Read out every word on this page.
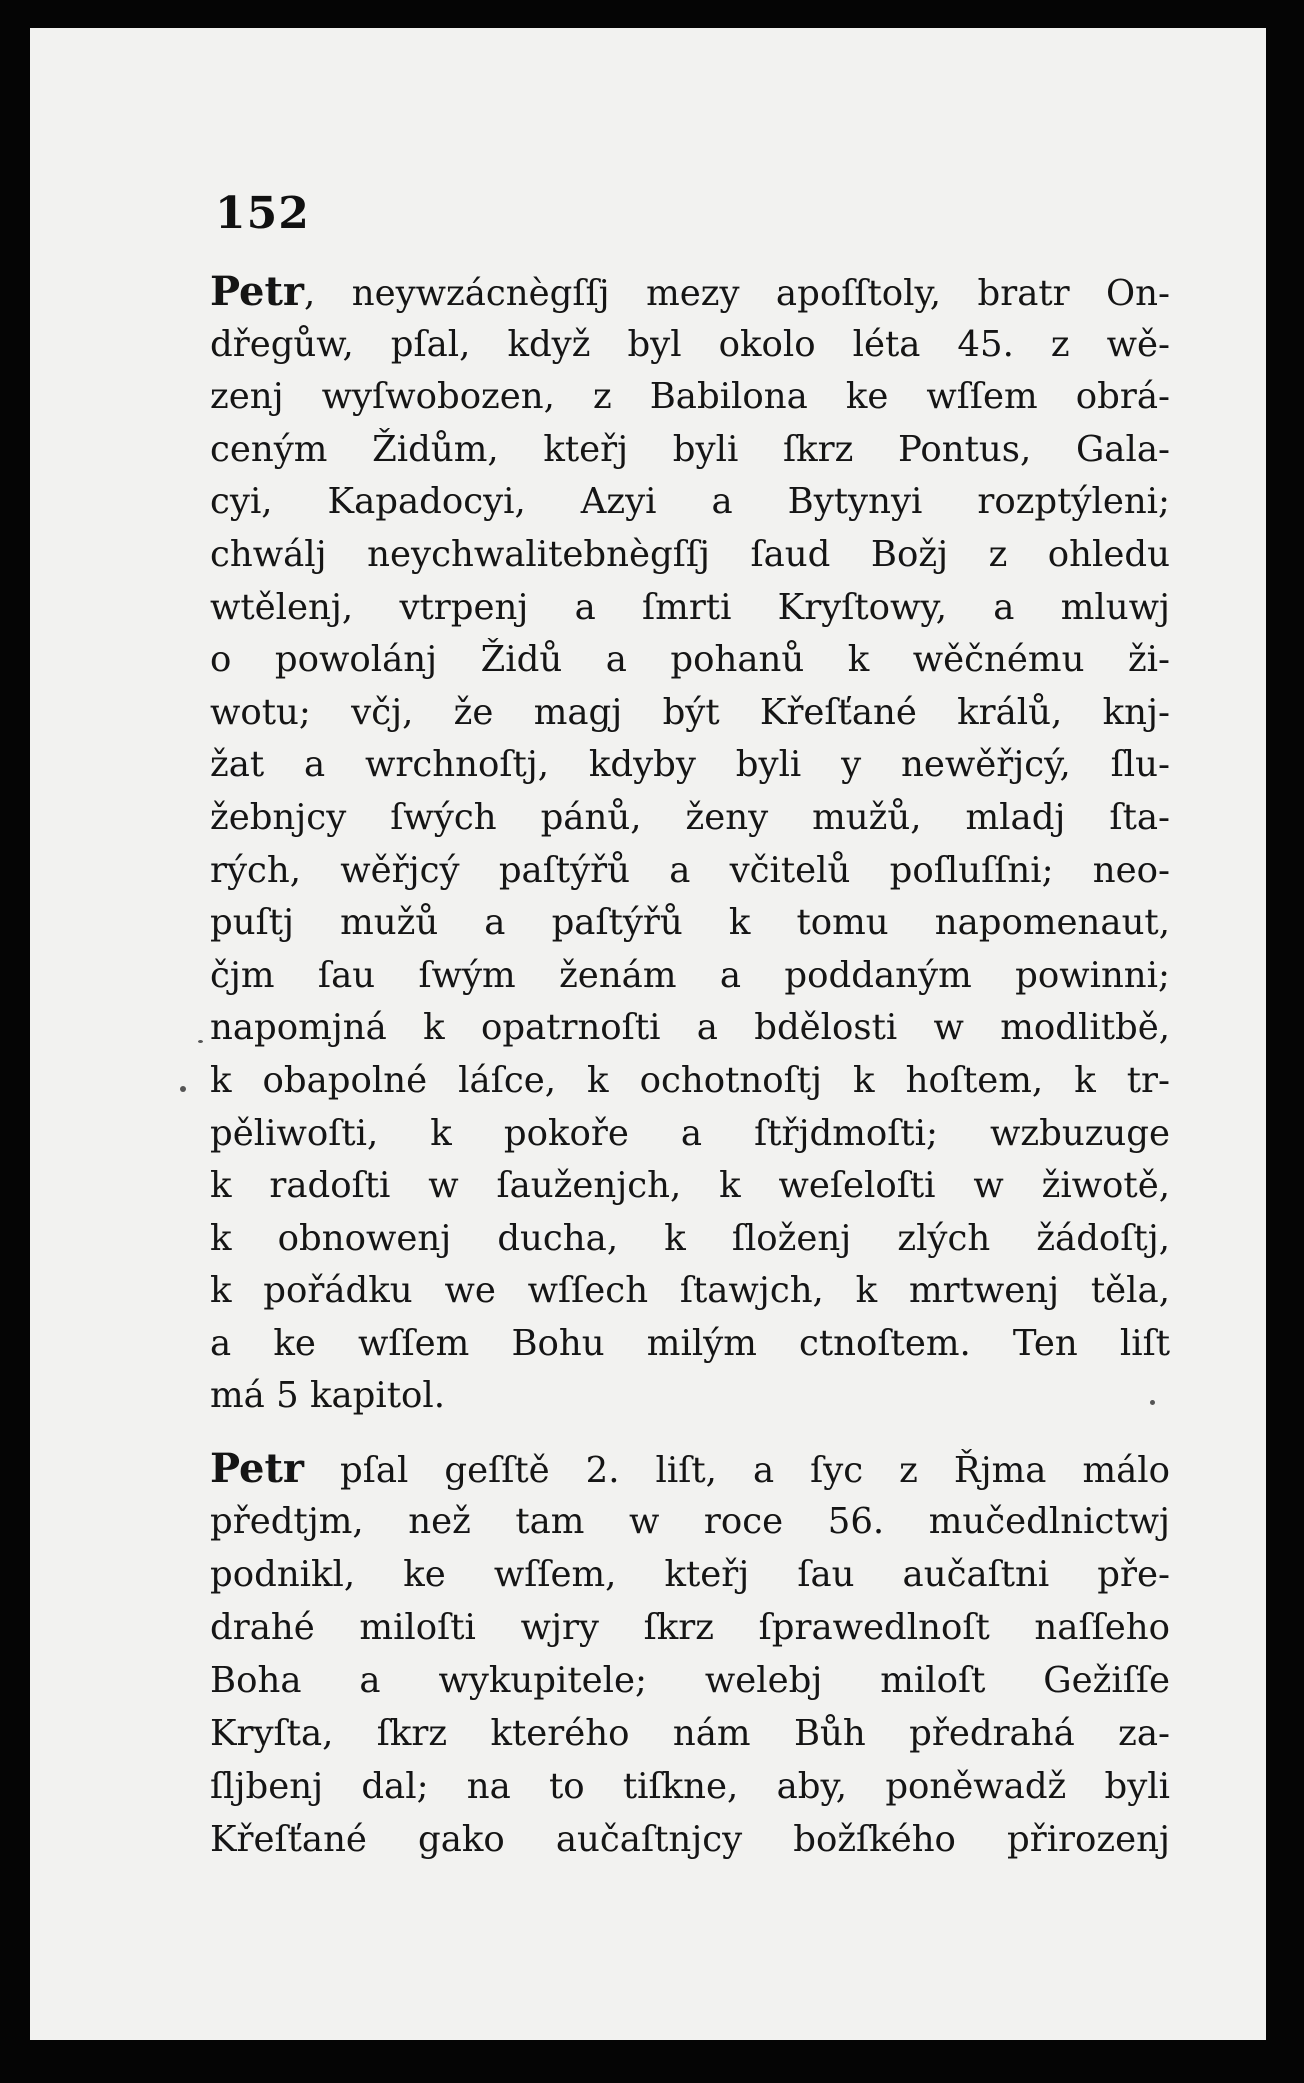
152
Petr, neywzácnègſſj mezy apoſſtoly, bratr On-
dřegůw, pſal, když byl okolo léta 45. z wě-
zenj wyſwobozen, z Babilona ke wſſem obrá-
ceným Židům, kteřj byli ſkrz Pontus, Gala-
cyi, Kapadocyi, Azyi a Bytynyi rozptýleni;
chwálj neychwalitebnègſſj ſaud Božj z ohledu
wtělenj, vtrpenj a ſmrti Kryſtowy, a mluwj
o powolánj Židů a pohanů k wěčnému ži-
wotu; včj, že magj být Křeſťané králů, knj-
žat a wrchnoſtj, kdyby byli y newěřjcý, ſlu-
žebnjcy ſwých pánů, ženy mužů, mladj ſta-
rých, wěřjcý paſtýřů a včitelů poſluſſni; neo-
puſtj mužů a paſtýřů k tomu napomenaut,
čjm ſau ſwým ženám a poddaným powinni;
napomjná k opatrnoſti a bdělosti w modlitbě,
k obapolné láſce, k ochotnoſtj k hoſtem, k tr-
pěliwoſti, k pokoře a ſtřjdmoſti; wzbuzuge
k radoſti w ſauženjch, k weſeloſti w žiwotě,
k obnowenj ducha, k ſloženj zlých žádoſtj,
k pořádku we wſſech ſtawjch, k mrtwenj těla,
a ke wſſem Bohu milým ctnoſtem. Ten liſt
má 5 kapitol.
Petr pſal geſſtě 2. liſt, a ſyc z Řjma málo
předtjm, než tam w roce 56. mučedlnictwj
podnikl, ke wſſem, kteřj ſau aučaſtni pře-
drahé miloſti wjry ſkrz ſprawedlnoſt naſſeho
Boha a wykupitele; welebj miloſt Gežiſſe
Kryſta, ſkrz kterého nám Bůh předrahá za-
ſljbenj dal; na to tiſkne, aby, poněwadž byli
Křeſťané gako aučaſtnjcy božſkého přirozenj
